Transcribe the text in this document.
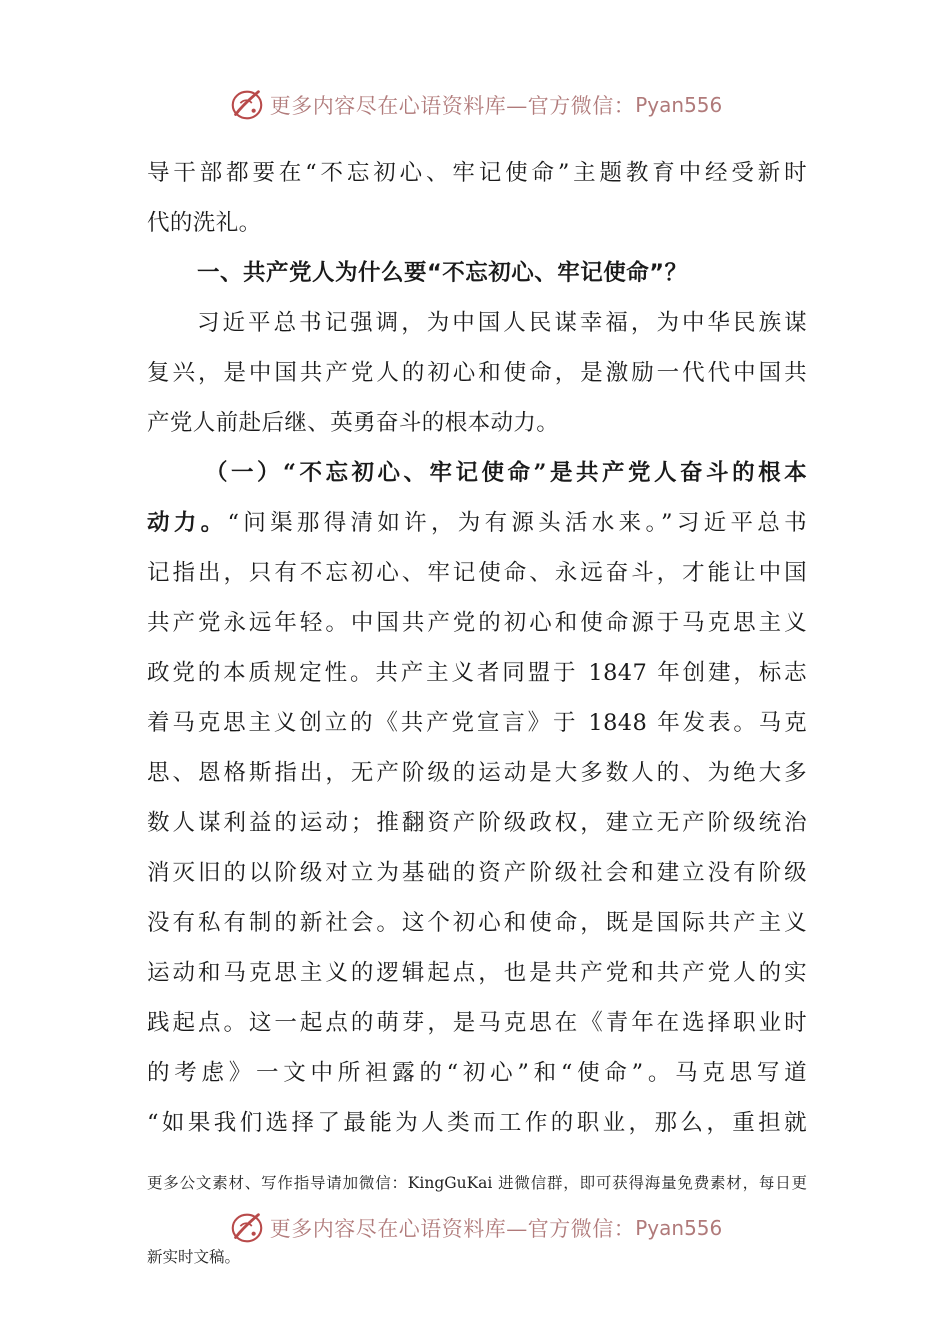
更多内容尽在心语资料库—官方微信： Pyan556
导干部都要在“不忘初心、牢记使命”主题教育中经受新时
代的洗礼。
一、共产党人为什么要“不忘初心、牢记使命”？
习近平总书记强调，为中国人民谋幸福，为中华民族谋
复兴，是中国共产党人的初心和使命，是激励一代代中国共
产党人前赴后继、英勇奋斗的根本动力。
（一）“不忘初心、牢记使命”是共产党人奋斗的根本
动力。“问渠那得清如许，为有源头活水来。”习近平总书
记指出，只有不忘初心、牢记使命、永远奋斗，才能让中国
共产党永远年轻。中国共产党的初心和使命源于马克思主义
政党的本质规定性。共产主义者同盟于 1847 年创建，标志
着马克思主义创立的《共产党宣言》于 1848 年发表。马克
思、恩格斯指出，无产阶级的运动是大多数人的、为绝大多
数人谋利益的运动；推翻资产阶级政权，建立无产阶级统治
消灭旧的以阶级对立为基础的资产阶级社会和建立没有阶级
没有私有制的新社会。这个初心和使命，既是国际共产主义
运动和马克思主义的逻辑起点，也是共产党和共产党人的实
践起点。这一起点的萌芽，是马克思在《青年在选择职业时
的考虑》一文中所袒露的“初心”和“使命”。马克思写道
“如果我们选择了最能为人类而工作的职业，那么，重担就
更多公文素材、写作指导请加微信：KingGuKai 进微信群，即可获得海量免费素材，每日更
更多内容尽在心语资料库—官方微信： Pyan556
新实时文稿。
